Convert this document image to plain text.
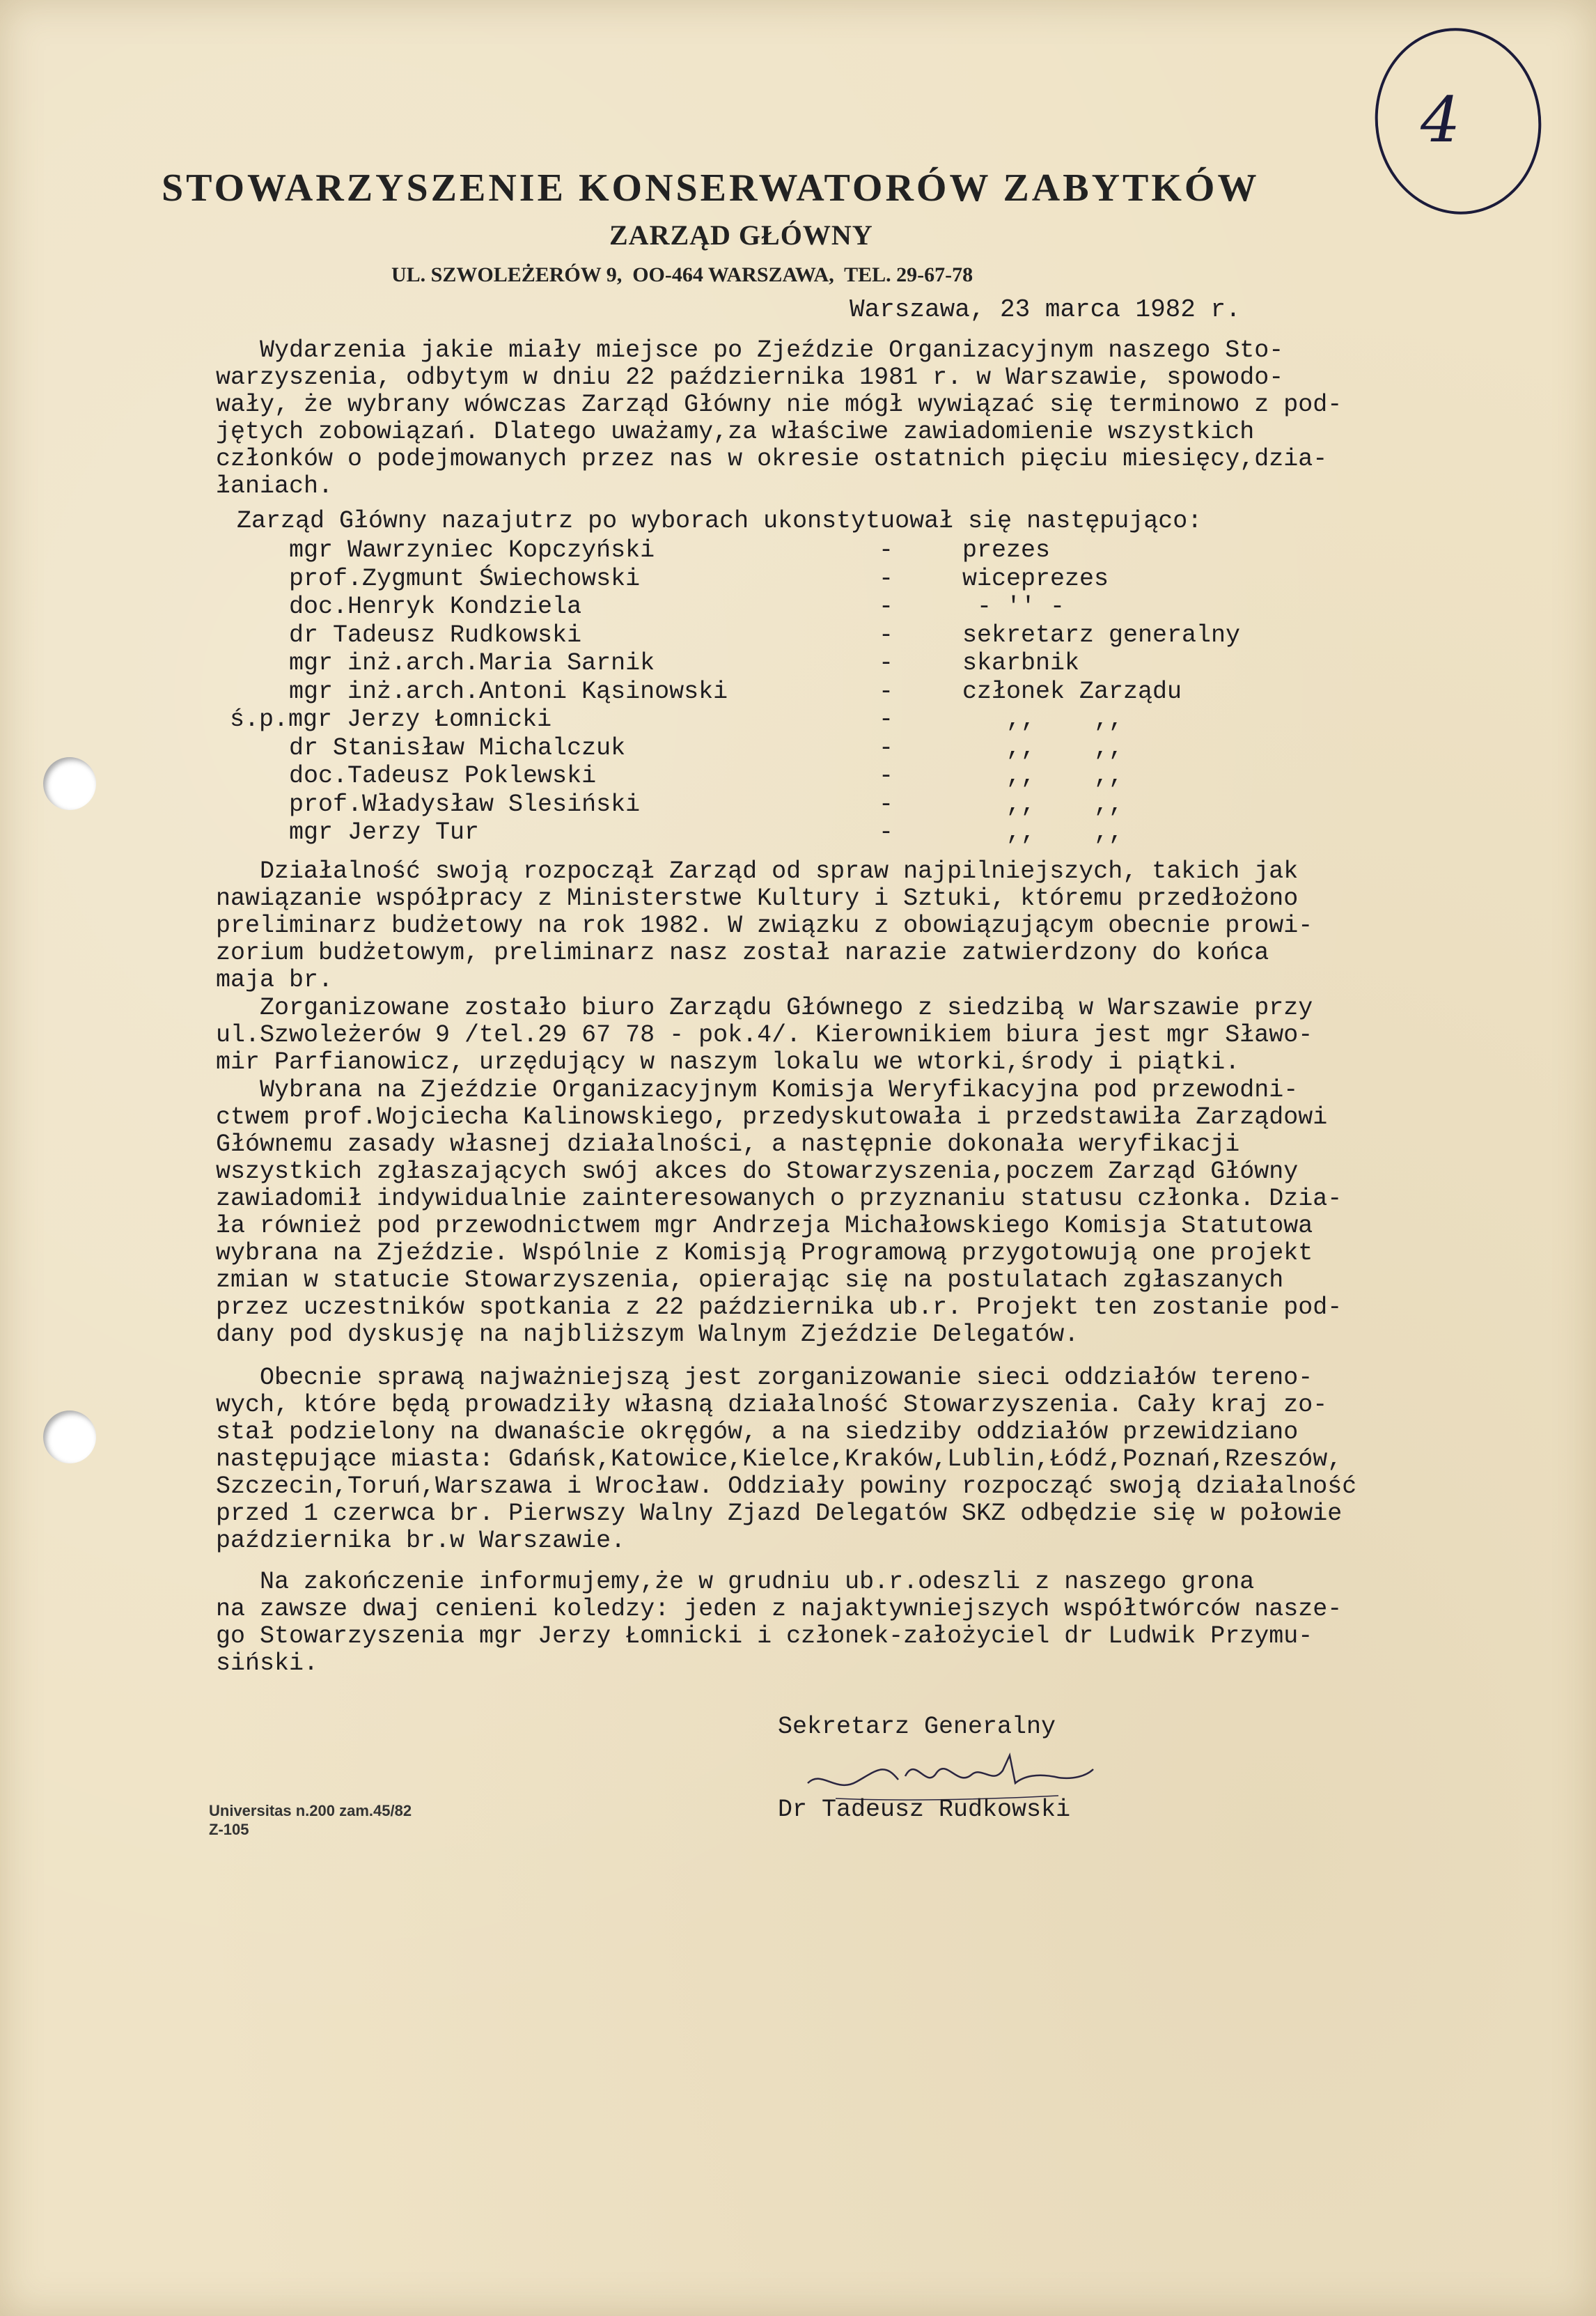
4
STOWARZYSZENIE KONSERWATORÓW ZABYTKÓW
ZARZĄD GŁÓWNY
UL. SZWOLEŻERÓW 9,  OO-464 WARSZAWA,  TEL. 29-67-78
Warszawa, 23 marca 1982 r.
Wydarzenia jakie miały miejsce po Zjeździe Organizacyjnym naszego Sto-
warzyszenia, odbytym w dniu 22 października 1981 r. w Warszawie, spowodo-
wały, że wybrany wówczas Zarząd Główny nie mógł wywiązać się terminowo z pod-
jętych zobowiązań. Dlatego uważamy,za właściwe zawiadomienie wszystkich
członków o podejmowanych przez nas w okresie ostatnich pięciu miesięcy,dzia-
łaniach.
Zarząd Główny nazajutrz po wyborach ukonstytuował się następująco:
mgr Wawrzyniec Kopczyński	-	prezes
prof.Zygmunt Świechowski	-	wiceprezes
doc.Henryk Kondziela	-	- '' -
dr Tadeusz Rudkowski	-	sekretarz generalny
mgr inż.arch.Maria Sarnik	-	skarbnik
mgr inż.arch.Antoni Kąsinowski	-	członek Zarządu
ś.p.mgr Jerzy Łomnicki	-	,,    ,,
dr Stanisław Michalczuk	-	,,    ,,
doc.Tadeusz Poklewski	-	,,    ,,
prof.Władysław Slesiński	-	,,    ,,
mgr Jerzy Tur	-	,,    ,,
Działalność swoją rozpoczął Zarząd od spraw najpilniejszych, takich jak
nawiązanie współpracy z Ministerstwe Kultury i Sztuki, któremu przedłożono
preliminarz budżetowy na rok 1982. W związku z obowiązującym obecnie prowi-
zorium budżetowym, preliminarz nasz został narazie zatwierdzony do końca
maja br.
Zorganizowane zostało biuro Zarządu Głównego z siedzibą w Warszawie przy
ul.Szwoleżerów 9 /tel.29 67 78 - pok.4/. Kierownikiem biura jest mgr Sławo-
mir Parfianowicz, urzędujący w naszym lokalu we wtorki,środy i piątki.
Wybrana na Zjeździe Organizacyjnym Komisja Weryfikacyjna pod przewodni-
ctwem prof.Wojciecha Kalinowskiego, przedyskutowała i przedstawiła Zarządowi
Głównemu zasady własnej działalności, a następnie dokonała weryfikacji
wszystkich zgłaszających swój akces do Stowarzyszenia,poczem Zarząd Główny
zawiadomił indywidualnie zainteresowanych o przyznaniu statusu członka. Dzia-
ła również pod przewodnictwem mgr Andrzeja Michałowskiego Komisja Statutowa
wybrana na Zjeździe. Wspólnie z Komisją Programową przygotowują one projekt
zmian w statucie Stowarzyszenia, opierając się na postulatach zgłaszanych
przez uczestników spotkania z 22 października ub.r. Projekt ten zostanie pod-
dany pod dyskusję na najbliższym Walnym Zjeździe Delegatów.
Obecnie sprawą najważniejszą jest zorganizowanie sieci oddziałów tereno-
wych, które będą prowadziły własną działalność Stowarzyszenia. Cały kraj zo-
stał podzielony na dwanaście okręgów, a na siedziby oddziałów przewidziano
następujące miasta: Gdańsk,Katowice,Kielce,Kraków,Lublin,Łódź,Poznań,Rzeszów,
Szczecin,Toruń,Warszawa i Wrocław. Oddziały powiny rozpocząć swoją działalność
przed 1 czerwca br. Pierwszy Walny Zjazd Delegatów SKZ odbędzie się w połowie
października br.w Warszawie.
Na zakończenie informujemy,że w grudniu ub.r.odeszli z naszego grona
na zawsze dwaj cenieni koledzy: jeden z najaktywniejszych współtwórców nasze-
go Stowarzyszenia mgr Jerzy Łomnicki i członek-założyciel dr Ludwik Przymu-
siński.
Sekretarz Generalny
Dr Tadeusz Rudkowski
Universitas n.200 zam.45/82
Z-105
